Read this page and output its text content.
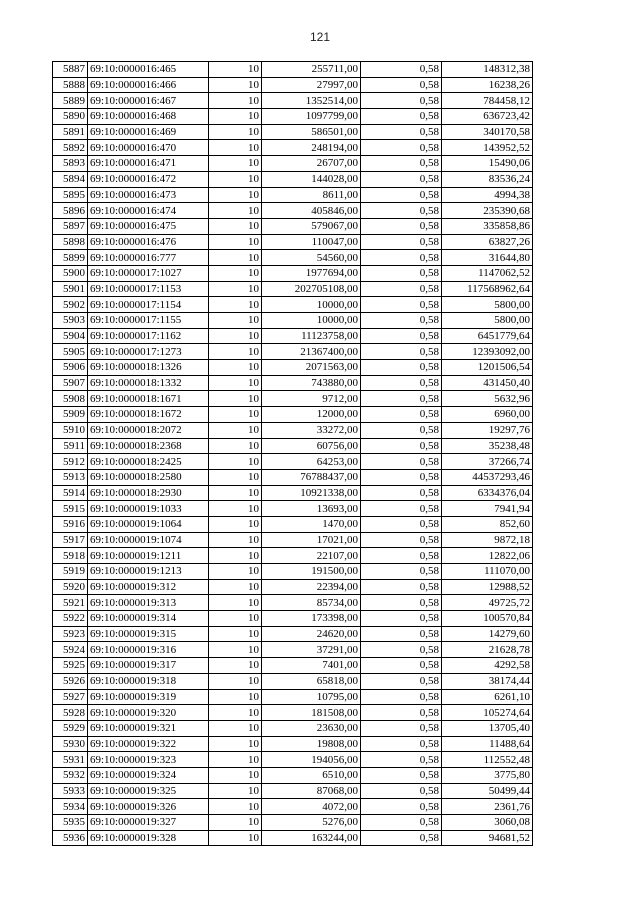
121
5887	69:10:0000016:465	10	255711,00	0,58	148312,38
5888	69:10:0000016:466	10	27997,00	0,58	16238,26
5889	69:10:0000016:467	10	1352514,00	0,58	784458,12
5890	69:10:0000016:468	10	1097799,00	0,58	636723,42
5891	69:10:0000016:469	10	586501,00	0,58	340170,58
5892	69:10:0000016:470	10	248194,00	0,58	143952,52
5893	69:10:0000016:471	10	26707,00	0,58	15490,06
5894	69:10:0000016:472	10	144028,00	0,58	83536,24
5895	69:10:0000016:473	10	8611,00	0,58	4994,38
5896	69:10:0000016:474	10	405846,00	0,58	235390,68
5897	69:10:0000016:475	10	579067,00	0,58	335858,86
5898	69:10:0000016:476	10	110047,00	0,58	63827,26
5899	69:10:0000016:777	10	54560,00	0,58	31644,80
5900	69:10:0000017:1027	10	1977694,00	0,58	1147062,52
5901	69:10:0000017:1153	10	202705108,00	0,58	117568962,64
5902	69:10:0000017:1154	10	10000,00	0,58	5800,00
5903	69:10:0000017:1155	10	10000,00	0,58	5800,00
5904	69:10:0000017:1162	10	11123758,00	0,58	6451779,64
5905	69:10:0000017:1273	10	21367400,00	0,58	12393092,00
5906	69:10:0000018:1326	10	2071563,00	0,58	1201506,54
5907	69:10:0000018:1332	10	743880,00	0,58	431450,40
5908	69:10:0000018:1671	10	9712,00	0,58	5632,96
5909	69:10:0000018:1672	10	12000,00	0,58	6960,00
5910	69:10:0000018:2072	10	33272,00	0,58	19297,76
5911	69:10:0000018:2368	10	60756,00	0,58	35238,48
5912	69:10:0000018:2425	10	64253,00	0,58	37266,74
5913	69:10:0000018:2580	10	76788437,00	0,58	44537293,46
5914	69:10:0000018:2930	10	10921338,00	0,58	6334376,04
5915	69:10:0000019:1033	10	13693,00	0,58	7941,94
5916	69:10:0000019:1064	10	1470,00	0,58	852,60
5917	69:10:0000019:1074	10	17021,00	0,58	9872,18
5918	69:10:0000019:1211	10	22107,00	0,58	12822,06
5919	69:10:0000019:1213	10	191500,00	0,58	111070,00
5920	69:10:0000019:312	10	22394,00	0,58	12988,52
5921	69:10:0000019:313	10	85734,00	0,58	49725,72
5922	69:10:0000019:314	10	173398,00	0,58	100570,84
5923	69:10:0000019:315	10	24620,00	0,58	14279,60
5924	69:10:0000019:316	10	37291,00	0,58	21628,78
5925	69:10:0000019:317	10	7401,00	0,58	4292,58
5926	69:10:0000019:318	10	65818,00	0,58	38174,44
5927	69:10:0000019:319	10	10795,00	0,58	6261,10
5928	69:10:0000019:320	10	181508,00	0,58	105274,64
5929	69:10:0000019:321	10	23630,00	0,58	13705,40
5930	69:10:0000019:322	10	19808,00	0,58	11488,64
5931	69:10:0000019:323	10	194056,00	0,58	112552,48
5932	69:10:0000019:324	10	6510,00	0,58	3775,80
5933	69:10:0000019:325	10	87068,00	0,58	50499,44
5934	69:10:0000019:326	10	4072,00	0,58	2361,76
5935	69:10:0000019:327	10	5276,00	0,58	3060,08
5936	69:10:0000019:328	10	163244,00	0,58	94681,52
